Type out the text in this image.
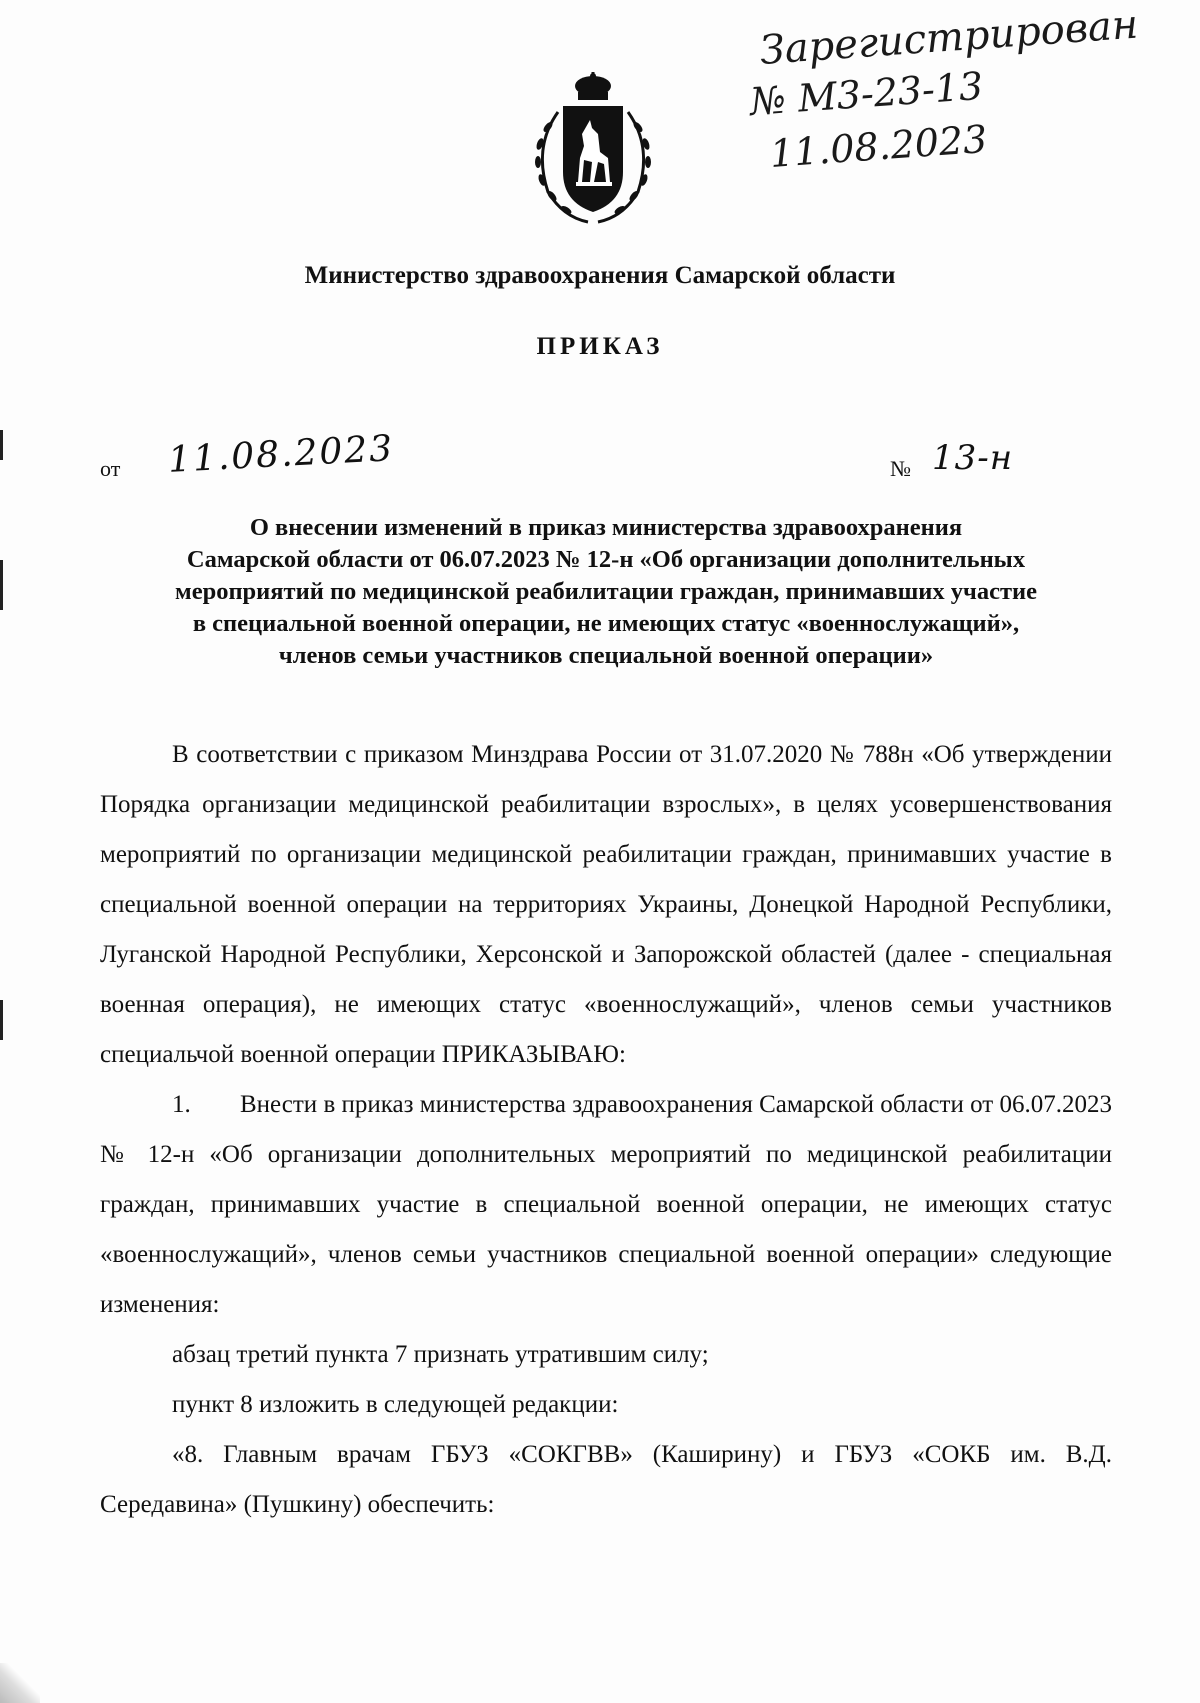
Зарегистрирован
№ М3-23-13
11.08.2023
Министерство здравоохранения Самарской области
ПРИКАЗ
от 11.08.2023	№ 13-н
О внесении изменений в приказ министерства здравоохранения
Самарской области от 06.07.2023 № 12-н «Об организации дополнительных
мероприятий по медицинской реабилитации граждан, принимавших участие
в специальной военной операции, не имеющих статус «военнослужащий»,
членов семьи участников специальной военной операции»

В соответствии с приказом Минздрава России от 31.07.2020 № 788н «Об утверждении Порядка организации медицинской реабилитации взрослых», в целях усовершенствования мероприятий по организации медицинской реабилитации граждан, принимавших участие в специальной военной операции на территориях Украины, Донецкой Народной Республики, Луганской Народной Республики, Херсонской и Запорожской областей (далее - специальная военная операция), не имеющих статус «военнослужащий», членов семьи участников специальчой военной операции ПРИКАЗЫВАЮ:

1. Внести в приказ министерства здравоохранения Самарской области от 06.07.2023 № 12-н «Об организации дополнительных мероприятий по медицинской реабилитации граждан, принимавших участие в специальной военной операции, не имеющих статус «военнослужащий», членов семьи участников специальной военной операции» следующие изменения:

абзац третий пункта 7 признать утратившим силу;

пункт 8 изложить в следующей редакции:

«8. Главным врачам ГБУЗ «СОКГВВ» (Каширину) и ГБУЗ «СОКБ им. В.Д. Середавина» (Пушкину) обеспечить:
